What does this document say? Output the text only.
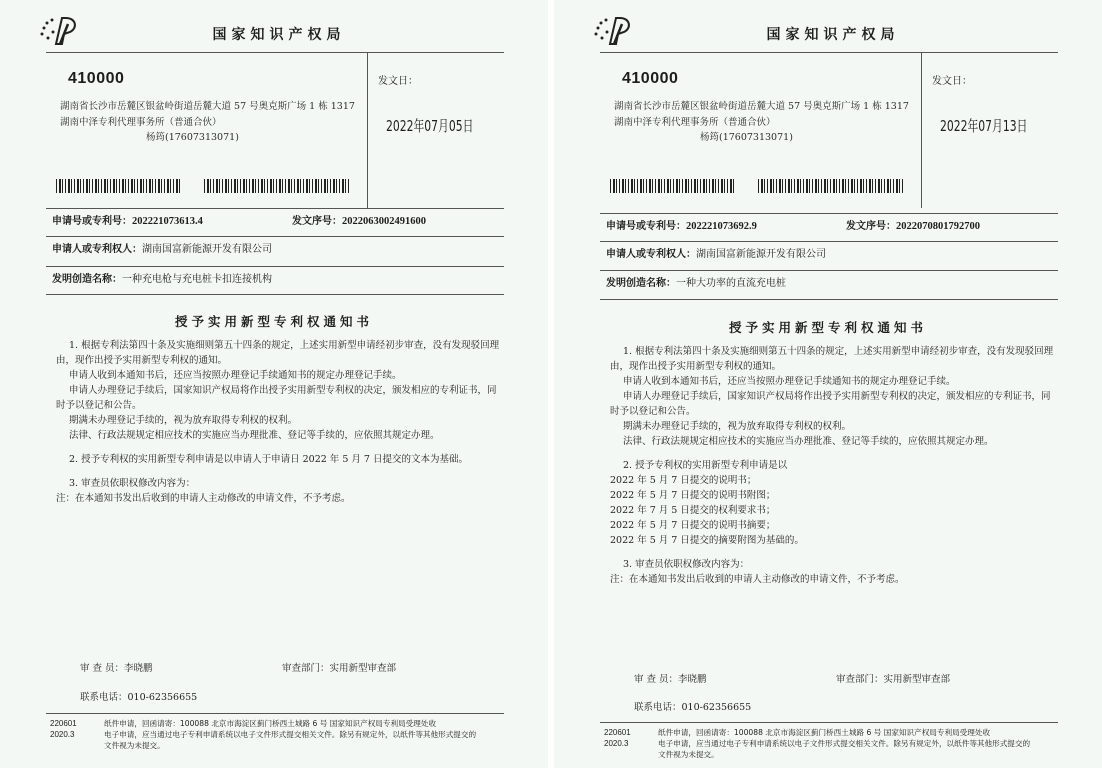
国家知识产权局
410000
湖南省长沙市岳麓区银盆岭街道岳麓大道 57 号奥克斯广场 1 栋 1317
湖南中泽专利代理事务所（普通合伙）
杨筠(17607313071)
发文日：
2022年07月05日
申请号或专利号：202221073613.4	发文序号：2022063002491600
申请人或专利权人：湖南国富新能源开发有限公司
发明创造名称：一种充电枪与充电桩卡扣连接机构
授予实用新型专利权通知书

1. 根据专利法第四十条及实施细则第五十四条的规定，上述实用新型申请经初步审查，没有发现驳回理由，现作出授予实用新型专利权的通知。

申请人收到本通知书后，还应当按照办理登记手续通知书的规定办理登记手续。

申请人办理登记手续后，国家知识产权局将作出授予实用新型专利权的决定，颁发相应的专利证书，同时予以登记和公告。

期满未办理登记手续的，视为放弃取得专利权的权利。

法律、行政法规规定相应技术的实施应当办理批准、登记等手续的，应依照其规定办理。

2. 授予专利权的实用新型专利申请是以申请人于申请日 2022 年 5 月 7 日提交的文本为基础。

3. 审查员依职权修改内容为：

注：在本通知书发出后收到的申请人主动修改的申请文件，不予考虑。

审 查 员：李晓鹏	审查部门：实用新型审查部
联系电话：010-62356655
220601
2020.3
纸件申请，回函请寄：100088 北京市海淀区蓟门桥西土城路 6 号 国家知识产权局专利局受理处收
电子申请，应当通过电子专利申请系统以电子文件形式提交相关文件。除另有规定外，以纸件等其他形式提交的
文件视为未提交。
国家知识产权局
410000
湖南省长沙市岳麓区银盆岭街道岳麓大道 57 号奥克斯广场 1 栋 1317
湖南中泽专利代理事务所（普通合伙）
杨筠(17607313071)
发文日：
2022年07月13日
申请号或专利号：202221073692.9	发文序号：2022070801792700
申请人或专利权人：湖南国富新能源开发有限公司
发明创造名称：一种大功率的直流充电桩
授予实用新型专利权通知书

1. 根据专利法第四十条及实施细则第五十四条的规定，上述实用新型申请经初步审查，没有发现驳回理由，现作出授予实用新型专利权的通知。

申请人收到本通知书后，还应当按照办理登记手续通知书的规定办理登记手续。

申请人办理登记手续后，国家知识产权局将作出授予实用新型专利权的决定，颁发相应的专利证书，同时予以登记和公告。

期满未办理登记手续的，视为放弃取得专利权的权利。

法律、行政法规规定相应技术的实施应当办理批准、登记等手续的，应依照其规定办理。

2. 授予专利权的实用新型专利申请是以

2022 年 5 月 7 日提交的说明书；

2022 年 5 月 7 日提交的说明书附图；

2022 年 7 月 5 日提交的权利要求书；

2022 年 5 月 7 日提交的说明书摘要；

2022 年 5 月 7 日提交的摘要附图为基础的。

3. 审查员依职权修改内容为：

注：在本通知书发出后收到的申请人主动修改的申请文件，不予考虑。

审 查 员：李晓鹏	审查部门：实用新型审查部
联系电话：010-62356655
220601
2020.3
纸件申请，回函请寄：100088 北京市海淀区蓟门桥西土城路 6 号 国家知识产权局专利局受理处收
电子申请，应当通过电子专利申请系统以电子文件形式提交相关文件。除另有规定外，以纸件等其他形式提交的
文件视为未提交。
